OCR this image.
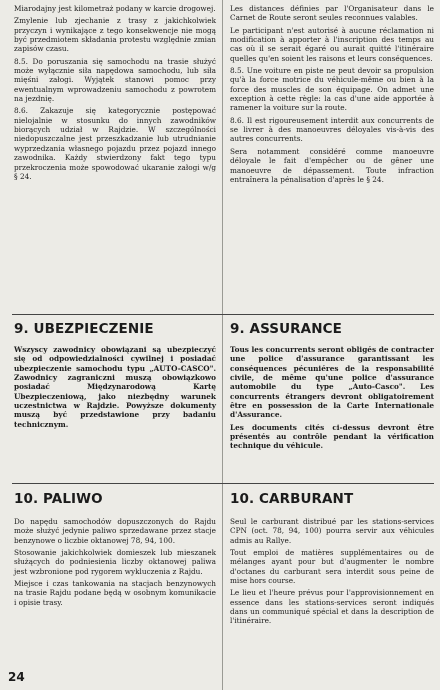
Miarodajny jest kilometraż podany w karcie drogowej.

Zmylenie lub zjechanie z trasy z jakichkolwiek przyczyn i wynikające z tego konsekwencje nie mogą być przedmiotem składania protestu względnie zmian zapisów czasu.

8.5. Do poruszania się samochodu na trasie służyć może wyłącznie siła napędowa samochodu, lub siła mięśni załogi. Wyjątek stanowi pomoc przy ewentualnym wprowadzeniu samochodu z powrotem na jezdnię.

8.6. Zakazuje się kategorycznie postępować nielojalnie w stosunku do innych zawodników biorących udział w Rajdzie. W szczególności niedopuszczalne jest przeszkadzanie lub utrudnianie wyprzedzania własnego pojazdu przez pojazd innego zawodnika. Każdy stwierdzony fakt tego typu przekroczenia może spowodować ukaranie załogi w/g § 24.

Les distances définies par l'Organisateur dans le Carnet de Route seront seules reconnues valables.

Le participant n'est autorisé à aucune réclamation ni modification à apporter à l'inscription des temps au cas où il se serait égaré ou aurait quitté l'itinéraire quelles qu'en soient les raisons et leurs conséquences.

8.5. Une voiture en piste ne peut devoir sa propulsion qu'à la force motrice du véhicule-même ou bien à la force des muscles de son équipage. On admet une exception à cette règle: la cas d'une aide apportée à ramener la voiture sur la route.

8.6. Il est rigoureusement interdit aux concurrents de se livrer à des manoeuvres déloyales vis-à-vis des autres concurrents.

Sera notamment considéré comme manoeuvre déloyale le fait d'empêcher ou de gêner une manoeuvre de dépassement. Toute infraction entraînera la pénalisation d'après le § 24.

9. UBEZPIECZENIE

Wszyscy zawodnicy obowiązani są ubezpieczyć się od odpowiedzialności cywilnej i posiadać ubezpieczenie samochodu typu „AUTO-CASCO". Zawodnicy zagraniczni muszą obowiązkowo posiadać Międzynarodową Kartę Ubezpieczeniową, jako niezbędny warunek uczestnictwa w Rajdzie. Powyższe dokumenty muszą być przedstawione przy badaniu technicznym.

9. ASSURANCE

Tous les concurrents seront obligés de contracter une police d'assurance garantissant les conséquences pécuniéres de la responsabilité civile, de même qu'une police d'assurance automobile du type „Auto-Casco". Les concurrents étrangers devront obligatoirement être en possession de la Carte Internationale d'Assurance.

Les documents cités ci-dessus devront être présentés au contrôle pendant la vérification technique du véhicule.

10. PALIWO

Do napędu samochodów dopuszczonych do Rajdu może służyć jedynie paliwo sprzedawane przez stacje benzynowe o liczbie oktanowej 78, 94, 100.

Stosowanie jakichkolwiek domieszek lub mieszanek służących do podniesienia liczby oktanowej paliwa jest wzbronione pod rygorem wykluczenia z Rajdu.

Miejsce i czas tankowania na stacjach benzynowych na trasie Rajdu podane będą w osobnym komunikacie i opisie trasy.

10. CARBURANT

Seul le carburant distribué par les stations-services CPN (oct. 78, 94, 100) pourra servir aux véhicules admis au Rallye.

Tout emploi de matières supplémentaires ou de mélanges ayant pour but d'augmenter le nombre d'octanes du carburant sera interdit sous peine de mise hors course.

Le lieu et l'heure prévus pour l'approvisionnement en essence dans les stations-services seront indiqués dans un communiqué spécial et dans la description de l'itinéraire.

24
